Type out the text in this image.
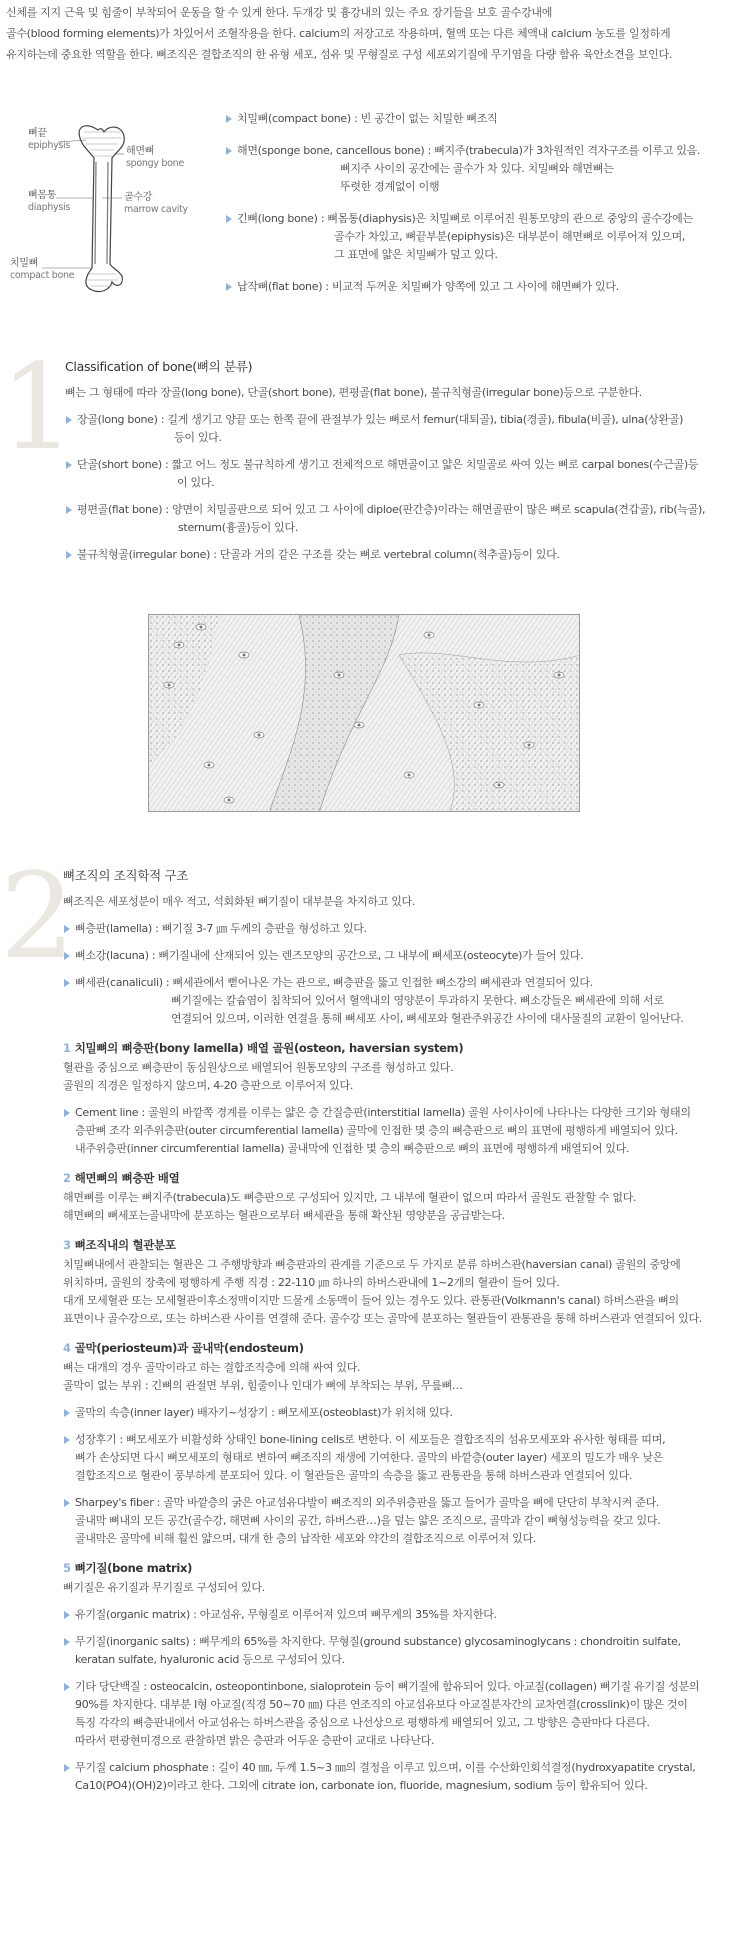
신체를 지지 근육 및 힘줄이 부착되어 운동을 할 수 있게 한다. 두개강 및 흉강내의 있는 주요 장기들을 보호 골수강내에

골수(blood forming elements)가 차있어서 조혈작용을 한다. calcium의 저장고로 작용하며, 혈액 또는 다른 체액내 calcium 농도를 일정하게

유지하는데 중요한 역할을 한다. 뼈조직은 결합조직의 한 유형 세포, 섬유 및 무형질로 구성 세포외기질에 무기염을 다량 함유 육안소견을 보인다.

뼈끝
epiphysis
해면뼈
spongy bone
뼈몸통
diaphysis
골수강
marrow cavity
치밀뼈
compact bone

치밀뼈(compact bone) : 빈 공간이 없는 치밀한 뼈조직

해면(sponge bone, cancellous bone) : 뼈지주(trabecula)가 3차원적인 격자구조를 이루고 있음.

뼈지주 사이의 공간에는 골수가 차 있다. 치밀뼈와 해면뼈는

뚜렷한 경계없이 이행

긴뼈(long bone) : 뼈몸통(diaphysis)은 치밀뼈로 이루어진 원통모양의 관으로 중앙의 골수강에는

골수가 차있고, 뼈끝부분(epiphysis)은 대부분이 해면뼈로 이루어져 있으며,

그 표면에 얇은 치밀뼈가 덮고 있다.

납작뼈(flat bone) : 비교적 두꺼운 치밀뼈가 양쪽에 있고 그 사이에 해면뼈가 있다.

1
Classification of bone(뼈의 분류)

뼈는 그 형태에 따라 장골(long bone), 단골(short bone), 편평골(flat bone), 불규칙형골(irregular bone)등으로 구분한다.

장골(long bone) : 길게 생기고 양끝 또는 한쪽 끝에 관절부가 있는 뼈로서 femur(대퇴골), tibia(경골), fibula(비골), ulna(상완골)

등이 있다.

단골(short bone) : 짧고 어느 정도 불규칙하게 생기고 전체적으로 해면골이고 얇은 치밀골로 싸여 있는 뼈로 carpal bones(수근골)등

이 있다.

평편골(flat bone) : 양면이 치밀골판으로 되어 있고 그 사이에 diploe(판간층)이라는 해면골판이 많은 뼈로 scapula(견갑골), rib(늑골),

sternum(흉골)등이 있다.

불규칙형골(irregular bone) : 단골과 거의 같은 구조를 갖는 뼈로 vertebral column(척추골)등이 있다.

2
뼈조직의 조직학적 구조

뼈조직은 세포성분이 매우 적고, 석회화된 뼈기질이 대부분을 차지하고 있다.

뼈층판(lamella) : 뼈기질 3-7 ㎛ 두께의 층판을 형성하고 있다.

뼈소강(lacuna) : 뼈기질내에 산재되어 있는 렌즈모양의 공간으로, 그 내부에 뼈세포(osteocyte)가 들어 있다.

뼈세관(canaliculi) : 뼈세관에서 뻗어나온 가는 관으로, 뼈층판을 뚫고 인접한 뼈소강의 뼈세관과 연결되어 있다.

뼈기질에는 칼슘염이 침착되어 있어서 혈액내의 영양분이 투과하지 못한다. 뼈소강들은 뼈세관에 의해 서로

연결되어 있으며, 이러한 연결을 통해 뼈세포 사이, 뼈세포와 혈관주위공간 사이에 대사물질의 교환이 일어난다.

1 치밀뼈의 뼈층판(bony lamella) 배열 골원(osteon, haversian system)

혈관을 중심으로 뼈층판이 동심원상으로 배열되어 원통모양의 구조를 형성하고 있다.

골원의 직경은 일정하지 않으며, 4-20 층판으로 이루어져 있다.

Cement line : 골원의 바깥쪽 경계를 이루는 얇은 층 간질층판(interstitial lamella) 골원 사이사이에 나타나는 다양한 크기와 형태의

층판뼈 조각 외주위층판(outer circumferential lamella) 골막에 인접한 몇 층의 뼈층판으로 뼈의 표면에 평행하게 배열되어 있다.

내주위층판(inner circumferential lamella) 골내막에 인접한 몇 층의 뼈층판으로 뼈의 표면에 평행하게 배열되어 있다.

2 해면뼈의 뼈층판 배열

해면뼈를 이루는 뼈지주(trabecula)도 뼈층판으로 구성되어 있지만, 그 내부에 혈관이 없으며 따라서 골원도 관찰할 수 없다.

해면뼈의 뼈세포는골내막에 분포하는 혈관으로부터 뼈세관을 통해 확산된 영양분을 공급받는다.

3 뼈조직내의 혈관분포

치밀뼈내에서 관찰되는 혈관은 그 주행방향과 뼈층판과의 관계를 기준으로 두 가지로 분류 하버스관(haversian canal) 골원의 중앙에

위치하며, 골원의 장축에 평행하게 주행 직경 : 22-110 ㎛ 하나의 하버스관내에 1~2개의 혈관이 들어 있다.

대개 모세혈관 또는 모세혈관이후소정맥이지만 드물게 소동맥이 들어 있는 경우도 있다. 관통관(Volkmann's canal) 하버스관을 뼈의

표면이나 골수강으로, 또는 하버스관 사이를 연결해 준다. 골수강 또는 골막에 분포하는 혈관들이 관통관을 통해 하버스관과 연결되어 있다.

4 골막(periosteum)과 골내막(endosteum)

뼈는 대개의 경우 골막이라고 하는 결합조직층에 의해 싸여 있다.

골막이 없는 부위 : 긴뼈의 관절면 부위, 힘줄이나 인대가 뼈에 부착되는 부위, 무릎뼈…

골막의 속층(inner layer) 배자기~성장기 : 뼈모세포(osteoblast)가 위치해 있다.

성장후기 : 뼈모세포가 비활성화 상태인 bone-lining cells로 변한다. 이 세포들은 결합조직의 섬유모세포와 유사한 형태를 띠며,

뼈가 손상되면 다시 뼈모세포의 형태로 변하여 뼈조직의 재생에 기여한다. 골막의 바깥층(outer layer) 세포의 밀도가 매우 낮은

결합조직으로 혈관이 풍부하게 분포되어 있다. 이 혈관들은 골막의 속층을 뚫고 관통관을 통해 하버스관과 연결되어 있다.

Sharpey's fiber : 골막 바깥층의 굵은 아교섬유다발이 뼈조직의 외주위층판을 뚫고 들어가 골막을 뼈에 단단히 부착시켜 준다.

골내막 뼈내의 모든 공간(골수강, 해면뼈 사이의 공간, 하버스관…)을 덮는 얇은 조직으로, 골막과 같이 뼈형성능력을 갖고 있다.

골내막은 골막에 비해 훨씬 얇으며, 대개 한 층의 납작한 세포와 약간의 결합조직으로 이루어져 있다.

5 뼈기질(bone matrix)

뼈기질은 유기질과 무기질로 구성되어 있다.

유기질(organic matrix) : 아교섬유, 무형질로 이루어져 있으며 뼈무게의 35%를 차지한다.

무기질(inorganic salts) : 뼈무게의 65%를 차지한다. 무형질(ground substance) glycosaminoglycans : chondroitin sulfate,

keratan sulfate, hyaluronic acid 등으로 구성되어 있다.

기타 당단백질 : osteocalcin, osteopontinbone, sialoprotein 등이 뼈기질에 함유되어 있다. 아교질(collagen) 뼈기질 유기질 성분의

90%를 차지한다. 대부분 I형 아교질(직경 50~70 ㎚) 다른 연조직의 아교섬유보다 아교질분자간의 교차연결(crosslink)이 많은 것이

특징 각각의 뼈층판내에서 아교섬유는 하버스관을 중심으로 나선상으로 평행하게 배열되어 있고, 그 방향은 층판마다 다른다.

따라서 편광현미경으로 관찰하면 밝은 층판과 어두운 층판이 교대로 나타난다.

무기질 calcium phosphate : 길이 40 ㎚, 두께 1.5~3 ㎚의 결정을 이루고 있으며, 이를 수산화인회석결정(hydroxyapatite crystal,

Ca10(PO4)(OH)2)이라고 한다. 그외에 citrate ion, carbonate ion, fluoride, magnesium, sodium 등이 함유되어 있다.
